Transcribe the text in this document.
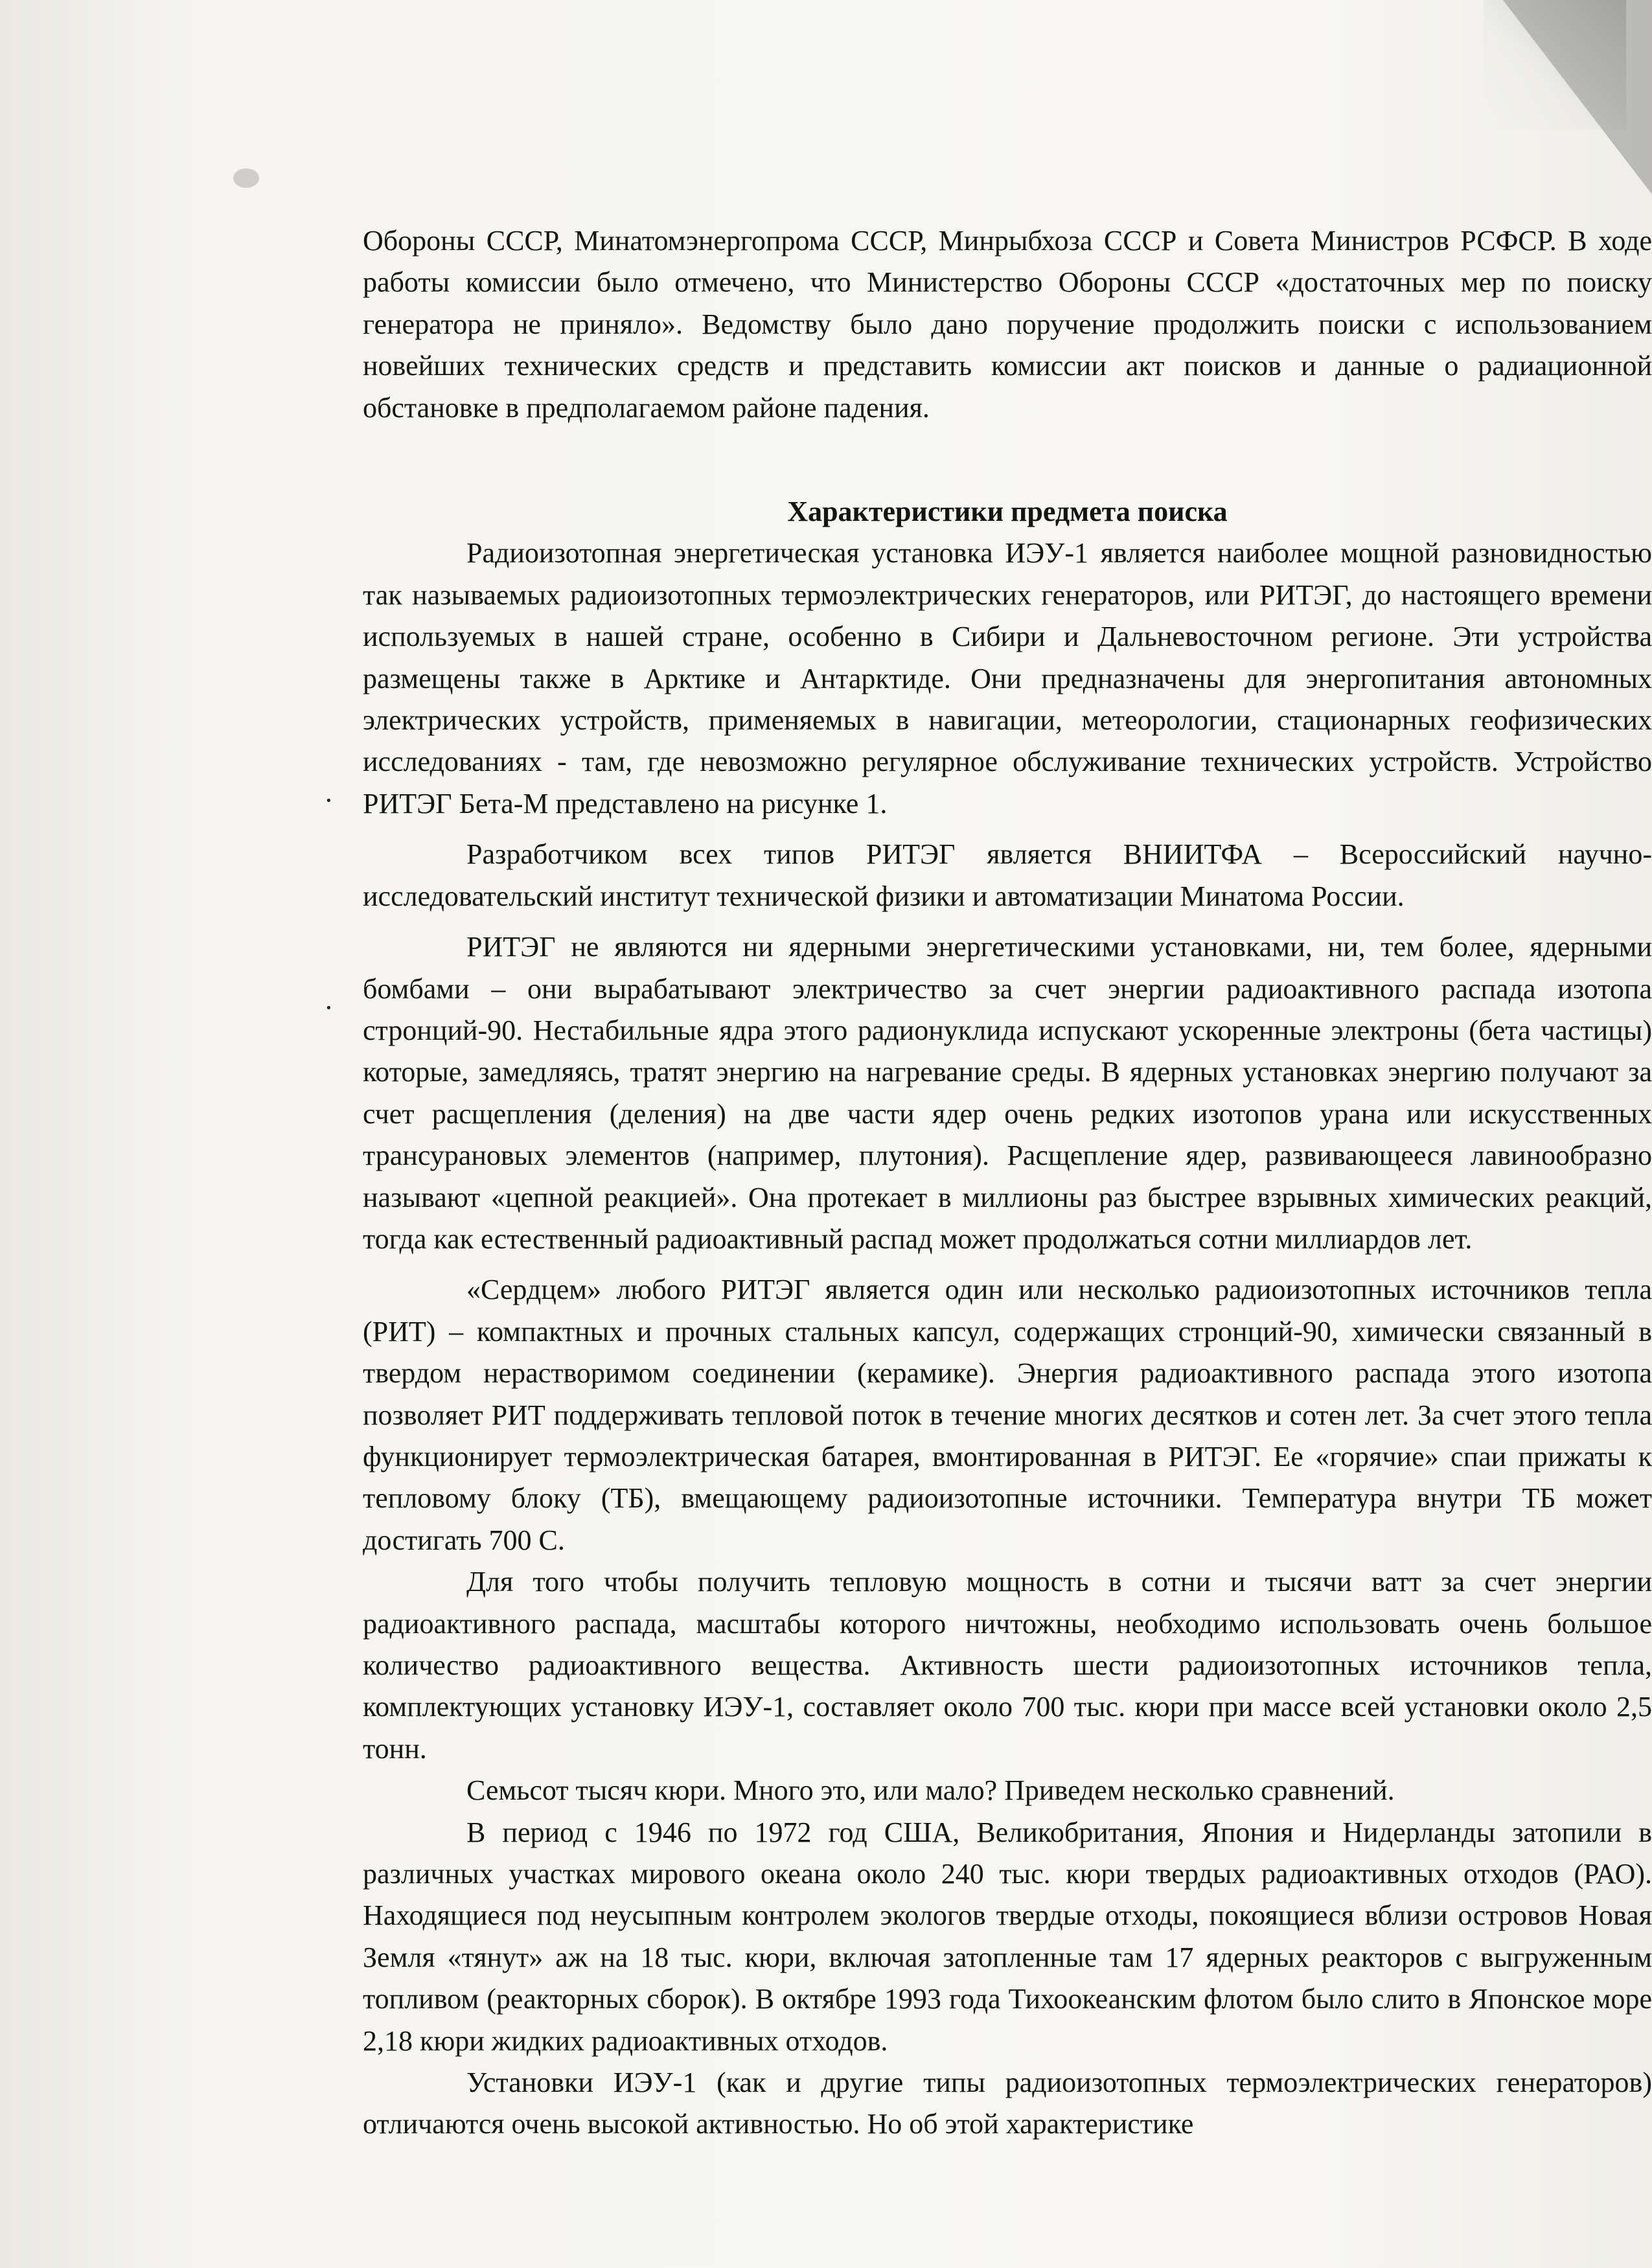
Обороны СССР, Минатомэнергопрома СССР, Минрыбхоза СССР и Совета Министров РСФСР. В ходе работы комиссии было отмечено, что Министерство Обороны СССР «достаточных мер по поиску генератора не приняло». Ведомству было дано поручение продолжить поиски с использованием новейших технических средств и представить комиссии акт поисков и данные о радиационной обстановке в предполагаемом районе падения.

Характеристики предмета поиска

Радиоизотопная энергетическая установка ИЭУ-1 является наиболее мощной разновидностью так называемых радиоизотопных термоэлектрических генераторов, или РИТЭГ, до настоящего времени используемых в нашей стране, особенно в Сибири и Дальневосточном регионе. Эти устройства размещены также в Арктике и Антарктиде. Они предназначены для энергопитания автономных электрических устройств, применяемых в навигации, метеорологии, стационарных геофизических исследованиях - там, где невозможно регулярное обслуживание технических устройств. Устройство РИТЭГ Бета-М представлено на рисунке 1.

Разработчиком всех типов РИТЭГ является ВНИИТФА – Всероссийский научно-исследовательский институт технической физики и автоматизации Минатома России.

РИТЭГ не являются ни ядерными энергетическими установками, ни, тем более, ядерными бомбами – они вырабатывают электричество за счет энергии радиоактивного распада изотопа стронций-90. Нестабильные ядра этого радионуклида испускают ускоренные электроны (бета частицы) которые, замедляясь, тратят энергию на нагревание среды. В ядерных установках энергию получают за счет расщепления (деления) на две части ядер очень редких изотопов урана или искусственных трансурановых элементов (например, плутония). Расщепление ядер, развивающееся лавинообразно называют «цепной реакцией». Она протекает в миллионы раз быстрее взрывных химических реакций, тогда как естественный радиоактивный распад может продолжаться сотни миллиардов лет.

«Сердцем» любого РИТЭГ является один или несколько радиоизотопных источников тепла (РИТ) – компактных и прочных стальных капсул, содержащих стронций-90, химически связанный в твердом нерастворимом соединении (керамике). Энергия радиоактивного распада этого изотопа позволяет РИТ поддерживать тепловой поток в течение многих десятков и сотен лет. За счет этого тепла функционирует термоэлектрическая батарея, вмонтированная в РИТЭГ. Ее «горячие» спаи прижаты к тепловому блоку (ТБ), вмещающему радиоизотопные источники. Температура внутри ТБ может достигать 700 С.

Для того чтобы получить тепловую мощность в сотни и тысячи ватт за счет энергии радиоактивного распада, масштабы которого ничтожны, необходимо использовать очень большое количество радиоактивного вещества. Активность шести радиоизотопных источников тепла, комплектующих установку ИЭУ-1, составляет около 700 тыс. кюри при массе всей установки около 2,5 тонн.

Семьсот тысяч кюри. Много это, или мало? Приведем несколько сравнений.

В период с 1946 по 1972 год США, Великобритания, Япония и Нидерланды затопили в различных участках мирового океана около 240 тыс. кюри твердых радиоактивных отходов (РАО). Находящиеся под неусыпным контролем экологов твердые отходы, покоящиеся вблизи островов Новая Земля «тянут» аж на 18 тыс. кюри, включая затопленные там 17 ядерных реакторов с выгруженным топливом (реакторных сборок). В октябре 1993 года Тихоокеанским флотом было слито в Японское море 2,18 кюри жидких радиоактивных отходов.

Установки ИЭУ-1 (как и другие типы радиоизотопных термоэлектрических генераторов) отличаются очень высокой активностью. Но об этой характеристике

·
·
